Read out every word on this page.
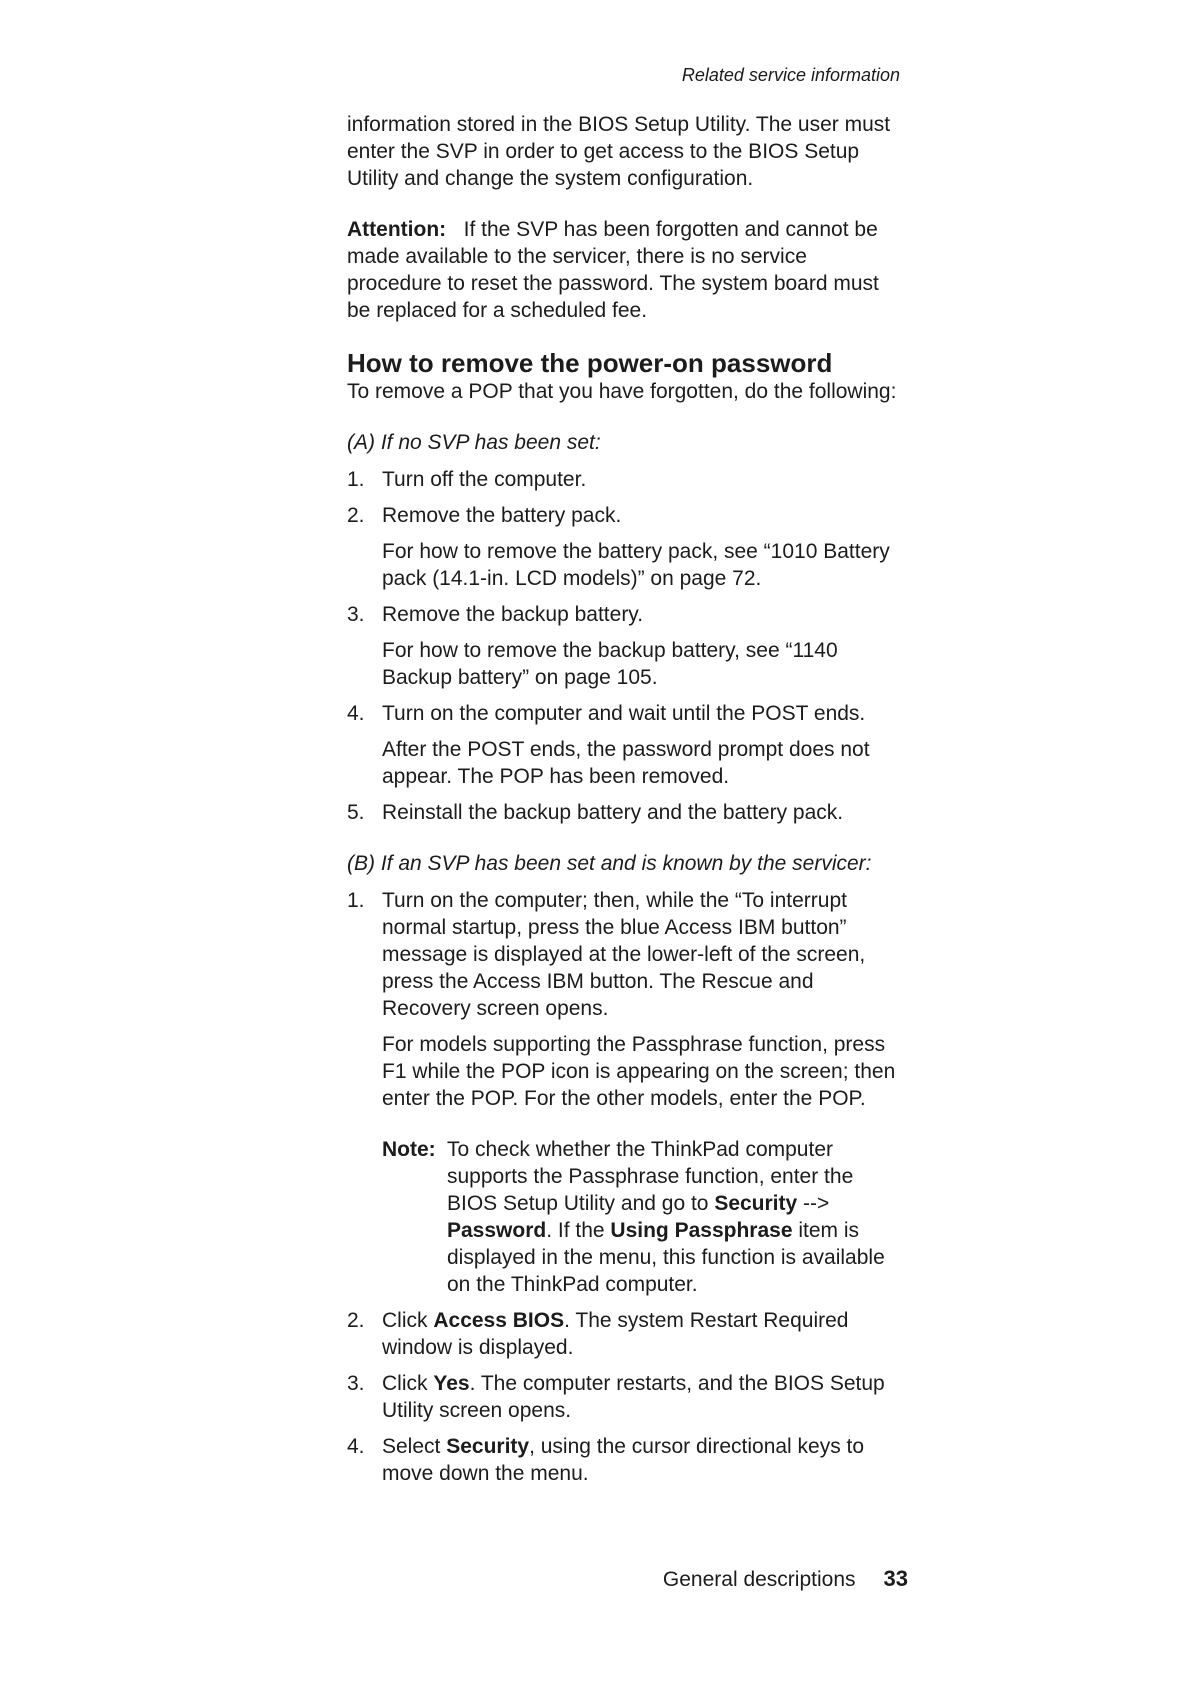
Related service information

information stored in the BIOS Setup Utility. The user must enter the SVP in order to get access to the BIOS Setup Utility and change the system configuration.

Attention: If the SVP has been forgotten and cannot be made available to the servicer, there is no service procedure to reset the password. The system board must be replaced for a scheduled fee.

How to remove the power-on password

To remove a POP that you have forgotten, do the following:

(A) If no SVP has been set:

1. Turn off the computer.

2. Remove the battery pack.

For how to remove the battery pack, see “1010 Battery pack (14.1-in. LCD models)” on page 72.

3. Remove the backup battery.

For how to remove the backup battery, see “1140 Backup battery” on page 105.

4. Turn on the computer and wait until the POST ends.

After the POST ends, the password prompt does not appear. The POP has been removed.

5. Reinstall the backup battery and the battery pack.

(B) If an SVP has been set and is known by the servicer:

1. Turn on the computer; then, while the “To interrupt normal startup, press the blue Access IBM button” message is displayed at the lower-left of the screen, press the Access IBM button. The Rescue and Recovery screen opens.

For models supporting the Passphrase function, press F1 while the POP icon is appearing on the screen; then enter the POP. For the other models, enter the POP.

Note: To check whether the ThinkPad computer supports the Passphrase function, enter the BIOS Setup Utility and go to Security --> Password. If the Using Passphrase item is displayed in the menu, this function is available on the ThinkPad computer.

2. Click Access BIOS. The system Restart Required window is displayed.

3. Click Yes. The computer restarts, and the BIOS Setup Utility screen opens.

4. Select Security, using the cursor directional keys to move down the menu.

General descriptions 33
